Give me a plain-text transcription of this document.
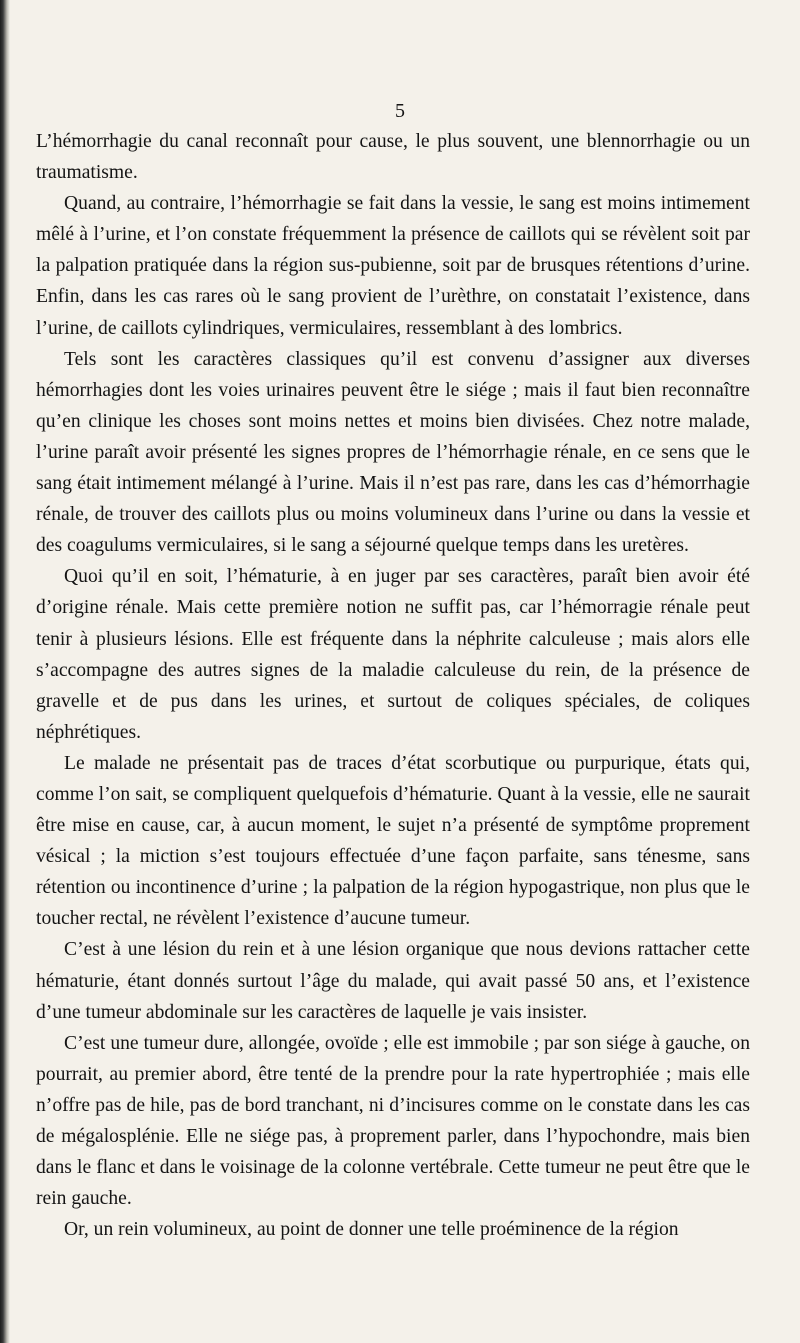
5

L’hémorrhagie du canal reconnaît pour cause, le plus souvent, une blennorrhagie ou un traumatisme.

Quand, au contraire, l’hémorrhagie se fait dans la vessie, le sang est moins intimement mêlé à l’urine, et l’on constate fréquemment la présence de caillots qui se révèlent soit par la palpation pratiquée dans la région sus-pubienne, soit par de brusques rétentions d’urine. Enfin, dans les cas rares où le sang provient de l’urèthre, on constatait l’existence, dans l’urine, de caillots cylindriques, vermiculaires, ressemblant à des lombrics.

Tels sont les caractères classiques qu’il est convenu d’assigner aux diverses hémorrhagies dont les voies urinaires peuvent être le siége ; mais il faut bien reconnaître qu’en clinique les choses sont moins nettes et moins bien divisées. Chez notre malade, l’urine paraît avoir présenté les signes propres de l’hémorrhagie rénale, en ce sens que le sang était intimement mélangé à l’urine. Mais il n’est pas rare, dans les cas d’hémorrhagie rénale, de trouver des caillots plus ou moins volumineux dans l’urine ou dans la vessie et des coagulums vermiculaires, si le sang a séjourné quelque temps dans les uretères.

Quoi qu’il en soit, l’hématurie, à en juger par ses caractères, paraît bien avoir été d’origine rénale. Mais cette première notion ne suffit pas, car l’hémorragie rénale peut tenir à plusieurs lésions. Elle est fréquente dans la néphrite calculeuse ; mais alors elle s’accompagne des autres signes de la maladie calculeuse du rein, de la présence de gravelle et de pus dans les urines, et surtout de coliques spéciales, de coliques néphrétiques.

Le malade ne présentait pas de traces d’état scorbutique ou purpurique, états qui, comme l’on sait, se compliquent quelquefois d’hématurie. Quant à la vessie, elle ne saurait être mise en cause, car, à aucun moment, le sujet n’a présenté de symptôme proprement vésical ; la miction s’est toujours effectuée d’une façon parfaite, sans ténesme, sans rétention ou incontinence d’urine ; la palpation de la région hypogastrique, non plus que le toucher rectal, ne révèlent l’existence d’aucune tumeur.

C’est à une lésion du rein et à une lésion organique que nous devions rattacher cette hématurie, étant donnés surtout l’âge du malade, qui avait passé 50 ans, et l’existence d’une tumeur abdominale sur les caractères de laquelle je vais insister.

C’est une tumeur dure, allongée, ovoïde ; elle est immobile ; par son siége à gauche, on pourrait, au premier abord, être tenté de la prendre pour la rate hypertrophiée ; mais elle n’offre pas de hile, pas de bord tranchant, ni d’incisures comme on le constate dans les cas de mégalosplénie. Elle ne siége pas, à proprement parler, dans l’hypochondre, mais bien dans le flanc et dans le voisinage de la colonne vertébrale. Cette tumeur ne peut être que le rein gauche.

Or, un rein volumineux, au point de donner une telle proéminence de la région
